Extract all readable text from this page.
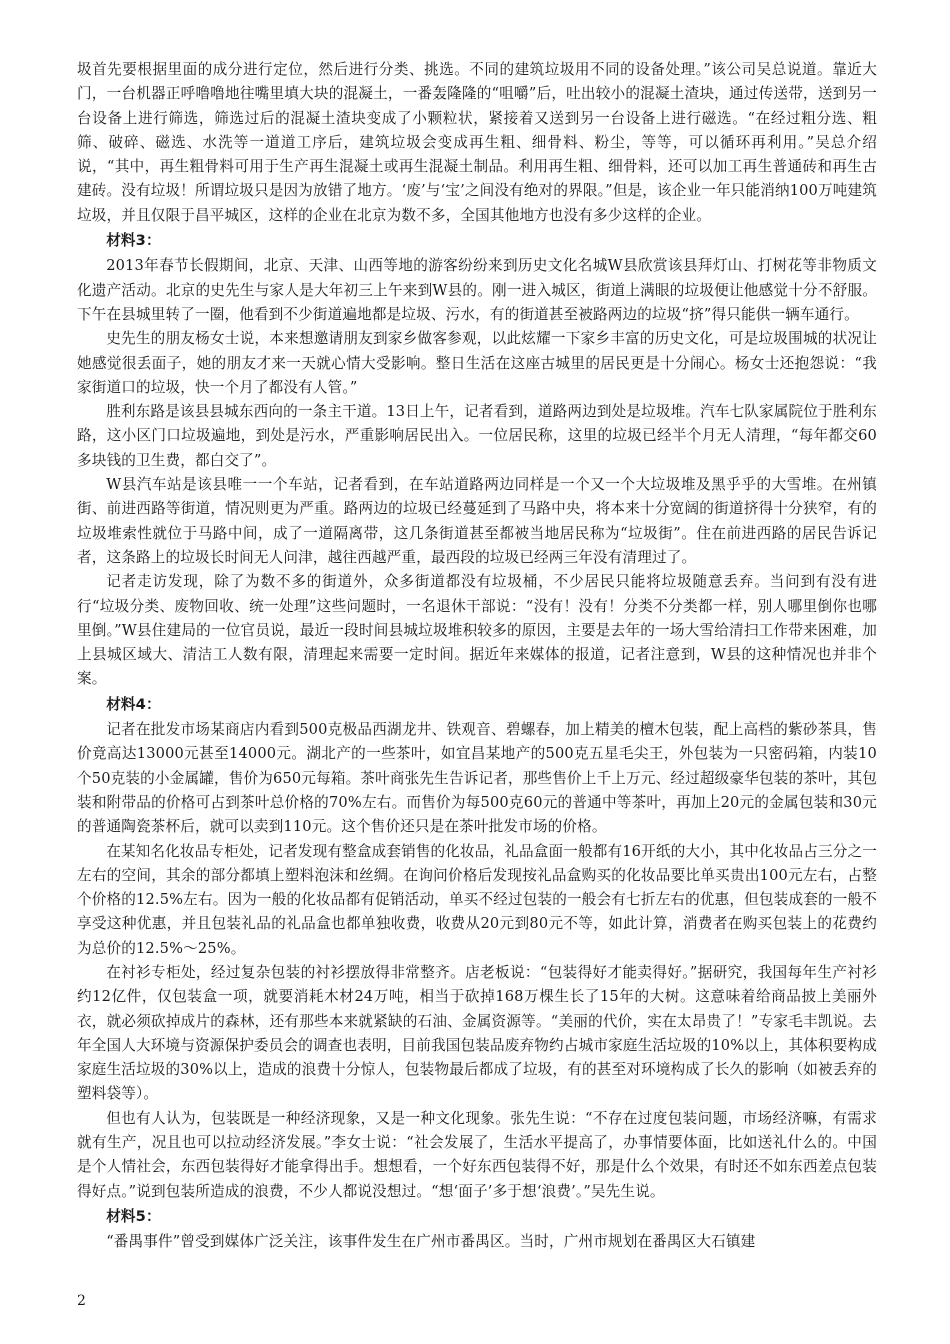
圾首先要根据里面的成分进行定位，然后进行分类、挑选。不同的建筑垃圾用不同的设备处理。”该公司吴总说道。靠近大门，一台机器正呼噜噜地往嘴里填大块的混凝土，一番轰隆隆的“咀嚼”后，吐出较小的混凝土渣块，通过传送带，送到另一台设备上进行筛选，筛选过后的混凝土渣块变成了小颗粒状，紧接着又送到另一台设备上进行磁选。“在经过粗分选、粗筛、破碎、磁选、水洗等一道道工序后，建筑垃圾会变成再生粗、细骨料、粉尘，等等，可以循环再利用。”吴总介绍说，“其中，再生粗骨料可用于生产再生混凝土或再生混凝土制品。利用再生粗、细骨料，还可以加工再生普通砖和再生古建砖。没有垃圾！所谓垃圾只是因为放错了地方。‘废’与‘宝’之间没有绝对的界限。”但是，该企业一年只能消纳100万吨建筑垃圾，并且仅限于昌平城区，这样的企业在北京为数不多，全国其他地方也没有多少这样的企业。

材料3：

2013年春节长假期间，北京、天津、山西等地的游客纷纷来到历史文化名城W县欣赏该县拜灯山、打树花等非物质文化遗产活动。北京的史先生与家人是大年初三上午来到W县的。刚一进入城区，街道上满眼的垃圾便让他感觉十分不舒服。下午在县城里转了一圈，他看到不少街道遍地都是垃圾、污水，有的街道甚至被路两边的垃圾“挤”得只能供一辆车通行。

史先生的朋友杨女士说，本来想邀请朋友到家乡做客参观，以此炫耀一下家乡丰富的历史文化，可是垃圾围城的状况让她感觉很丢面子，她的朋友才来一天就心情大受影响。整日生活在这座古城里的居民更是十分闹心。杨女士还抱怨说：“我家街道口的垃圾，快一个月了都没有人管。”

胜利东路是该县县城东西向的一条主干道。13日上午，记者看到，道路两边到处是垃圾堆。汽车七队家属院位于胜利东路，这小区门口垃圾遍地，到处是污水，严重影响居民出入。一位居民称，这里的垃圾已经半个月无人清理，“每年都交60多块钱的卫生费，都白交了”。

W县汽车站是该县唯一一个车站，记者看到，在车站道路两边同样是一个又一个大垃圾堆及黑乎乎的大雪堆。在州镇街、前进西路等街道，情况则更为严重。路两边的垃圾已经蔓延到了马路中央，将本来十分宽阔的街道挤得十分狭窄，有的垃圾堆索性就位于马路中间，成了一道隔离带，这几条街道甚至都被当地居民称为“垃圾街”。住在前进西路的居民告诉记者，这条路上的垃圾长时间无人问津，越往西越严重，最西段的垃圾已经两三年没有清理过了。

记者走访发现，除了为数不多的街道外，众多街道都没有垃圾桶，不少居民只能将垃圾随意丢弃。当问到有没有进行“垃圾分类、废物回收、统一处理”这些问题时，一名退休干部说：“没有！没有！分类不分类都一样，别人哪里倒你也哪里倒。”W县住建局的一位官员说，最近一段时间县城垃圾堆积较多的原因，主要是去年的一场大雪给清扫工作带来困难，加上县城区域大、清洁工人数有限，清理起来需要一定时间。据近年来媒体的报道，记者注意到，W县的这种情况也并非个案。

材料4：

记者在批发市场某商店内看到500克极品西湖龙井、铁观音、碧螺春，加上精美的檀木包装，配上高档的紫砂茶具，售价竟高达13000元甚至14000元。湖北产的一些茶叶，如宜昌某地产的500克五星毛尖王，外包装为一只密码箱，内装10个50克装的小金属罐，售价为650元每箱。茶叶商张先生告诉记者，那些售价上千上万元、经过超级豪华包装的茶叶，其包装和附带品的价格可占到茶叶总价格的70%左右。而售价为每500克60元的普通中等茶叶，再加上20元的金属包装和30元的普通陶瓷茶杯后，就可以卖到110元。这个售价还只是在茶叶批发市场的价格。

在某知名化妆品专柜处，记者发现有整盒成套销售的化妆品，礼品盒面一般都有16开纸的大小，其中化妆品占三分之一左右的空间，其余的部分都填上塑料泡沫和丝绸。在询问价格后发现按礼品盒购买的化妆品要比单买贵出100元左右，占整个价格的12.5%左右。因为一般的化妆品都有促销活动，单买不经过包装的一般会有七折左右的优惠，但包装成套的一般不享受这种优惠，并且包装礼品的礼品盒也都单独收费，收费从20元到80元不等，如此计算，消费者在购买包装上的花费约为总价的12.5%～25%。

在衬衫专柜处，经过复杂包装的衬衫摆放得非常整齐。店老板说：“包装得好才能卖得好。”据研究，我国每年生产衬衫约12亿件，仅包装盒一项，就要消耗木材24万吨，相当于砍掉168万棵生长了15年的大树。这意味着给商品披上美丽外衣，就必须砍掉成片的森林，还有那些本来就紧缺的石油、金属资源等。“美丽的代价，实在太昂贵了！”专家毛丰凯说。去年全国人大环境与资源保护委员会的调查也表明，目前我国包装品废弃物约占城市家庭生活垃圾的10%以上，其体积要构成家庭生活垃圾的30%以上，造成的浪费十分惊人，包装物最后都成了垃圾，有的甚至对环境构成了长久的影响（如被丢弃的塑料袋等）。

但也有人认为，包装既是一种经济现象，又是一种文化现象。张先生说：“不存在过度包装问题，市场经济嘛，有需求就有生产，况且也可以拉动经济发展。”李女士说：“社会发展了，生活水平提高了，办事情要体面，比如送礼什么的。中国是个人情社会，东西包装得好才能拿得出手。想想看，一个好东西包装得不好，那是什么个效果，有时还不如东西差点包装得好点。”说到包装所造成的浪费，不少人都说没想过。“想‘面子’多于想‘浪费’。”吴先生说。

材料5：

“番禺事件”曾受到媒体广泛关注，该事件发生在广州市番禺区。当时，广州市规划在番禺区大石镇建

2
